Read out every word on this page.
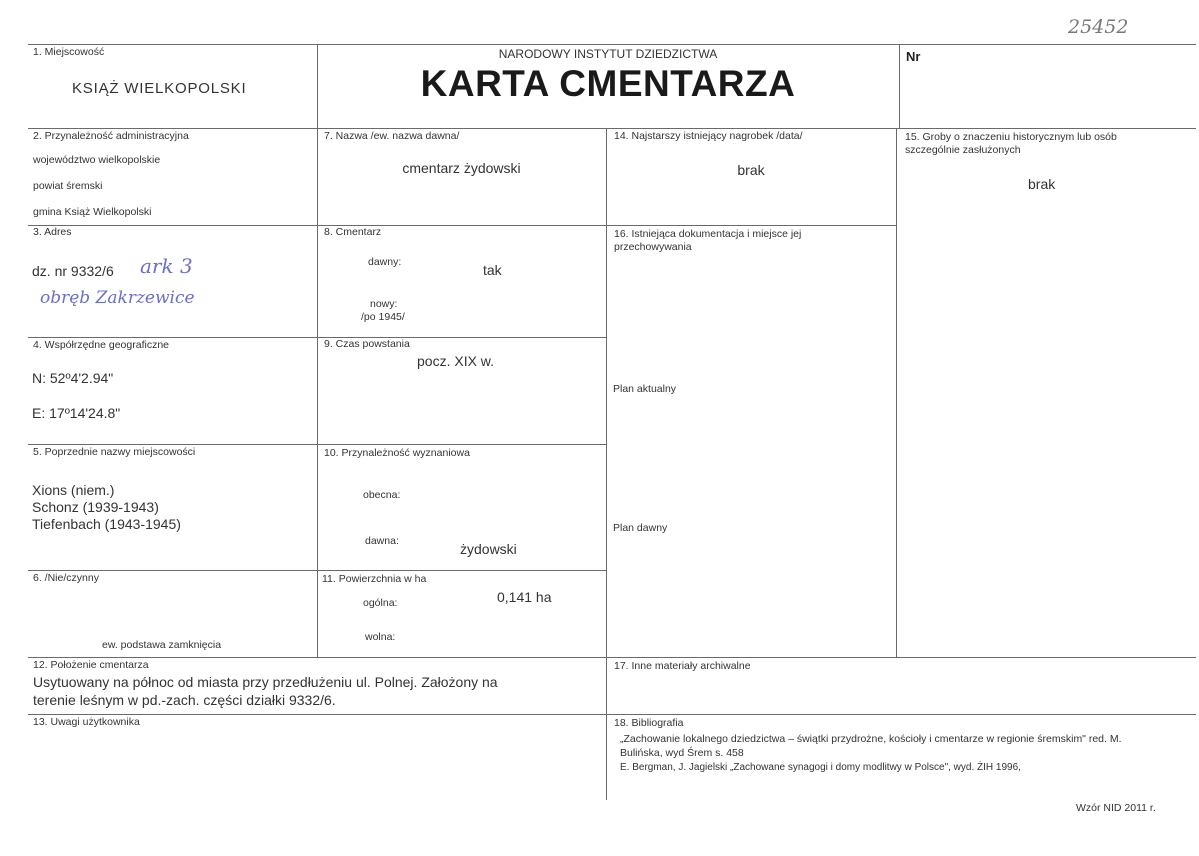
25452
NARODOWY INSTYTUT DZIEDZICTWA
KARTA CMENTARZA
Nr
1. Miejscowość
KSIĄŻ WIELKOPOLSKI
2. Przynależność administracyjna
województwo wielkopolskie
powiat śremski
gmina Książ Wielkopolski
3. Adres
dz. nr 9332/6 ark 3
obręb Zakrzewice
4. Współrzędne geograficzne
N: 52º4'2.94"
E: 17º14'24.8"
5. Poprzednie nazwy miejscowości
Xions (niem.)
Schonz (1939-1943)
Tiefenbach (1943-1945)
6. /Nie/czynny
ew. podstawa zamknięcia
7. Nazwa /ew. nazwa dawna/
cmentarz żydowski
8. Cmentarz
dawny:	tak
nowy:
/po 1945/
9. Czas powstania
pocz. XIX w.
10. Przynależność wyznaniowa
obecna:
dawna:	żydowski
11. Powierzchnia w ha
ogólna:	0,141 ha
wolna:
12. Położenie cmentarza
Usytuowany na północ od miasta przy przedłużeniu ul. Polnej. Założony na
terenie leśnym w pd.-zach. części działki 9332/6.
13. Uwagi użytkownika
14. Najstarszy istniejący nagrobek /data/
brak
15. Groby o znaczeniu historycznym lub osób
szczególnie zasłużonych
brak
16. Istniejąca dokumentacja i miejsce jej
przechowywania
Plan aktualny
Plan dawny
17. Inne materiały archiwalne
18. Bibliografia
„Zachowanie lokalnego dziedzictwa – świątki przydrożne, kościoły i cmentarze w regionie śremskim" red. M.
Bulińska, wyd Śrem s. 458
E. Bergman, J. Jagielski „Zachowane synagogi i domy modlitwy w Polsce", wyd. ŻIH 1996,
Wzór NID 2011 r.
